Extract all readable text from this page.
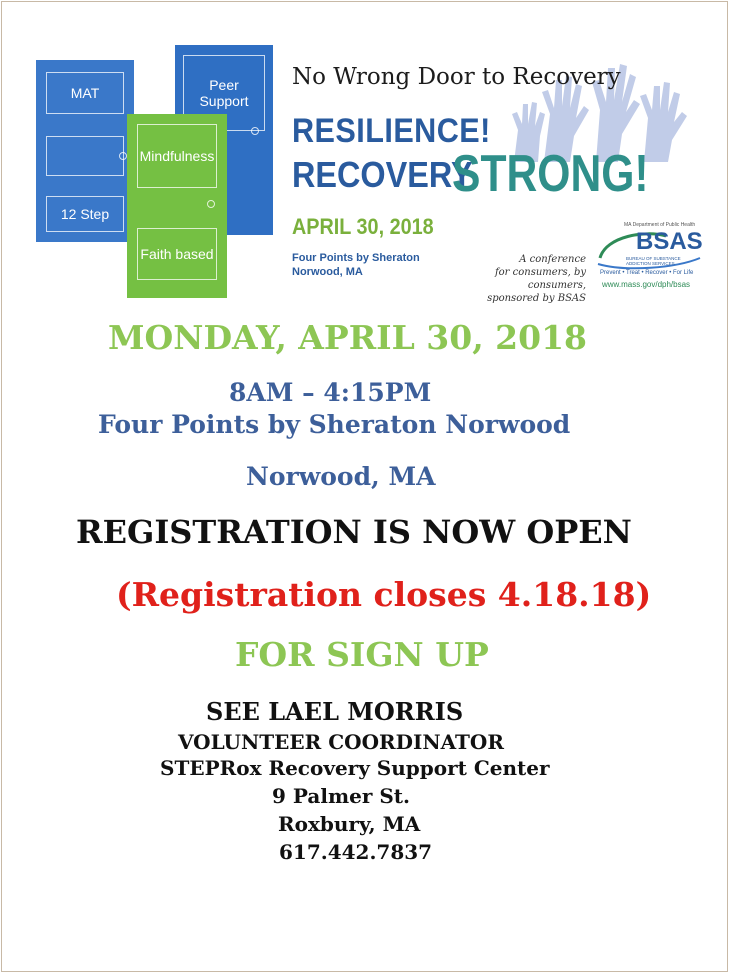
MAT
12 Step
Peer Support
Mindfulness
Faith based
No Wrong Door to Recovery
RESILIENCE!
RECOVERY
STRONG!
APRIL 30, 2018
Four Points by Sheraton
Norwood, MA
A conference
for consumers, by consumers,
sponsored by BSAS
MA Department of Public Health
BSAS
BUREAU OF SUBSTANCE
ADDICTION SERVICES
Prevent • Treat • Recover • For Life
www.mass.gov/dph/bsas
MONDAY, APRIL 30, 2018
8AM – 4:15PM
Four Points by Sheraton Norwood
Norwood, MA
REGISTRATION IS NOW OPEN
(Registration closes 4.18.18)
FOR SIGN UP
SEE LAEL MORRIS
VOLUNTEER COORDINATOR
STEPRox Recovery Support Center
9 Palmer St.
Roxbury, MA
617.442.7837
